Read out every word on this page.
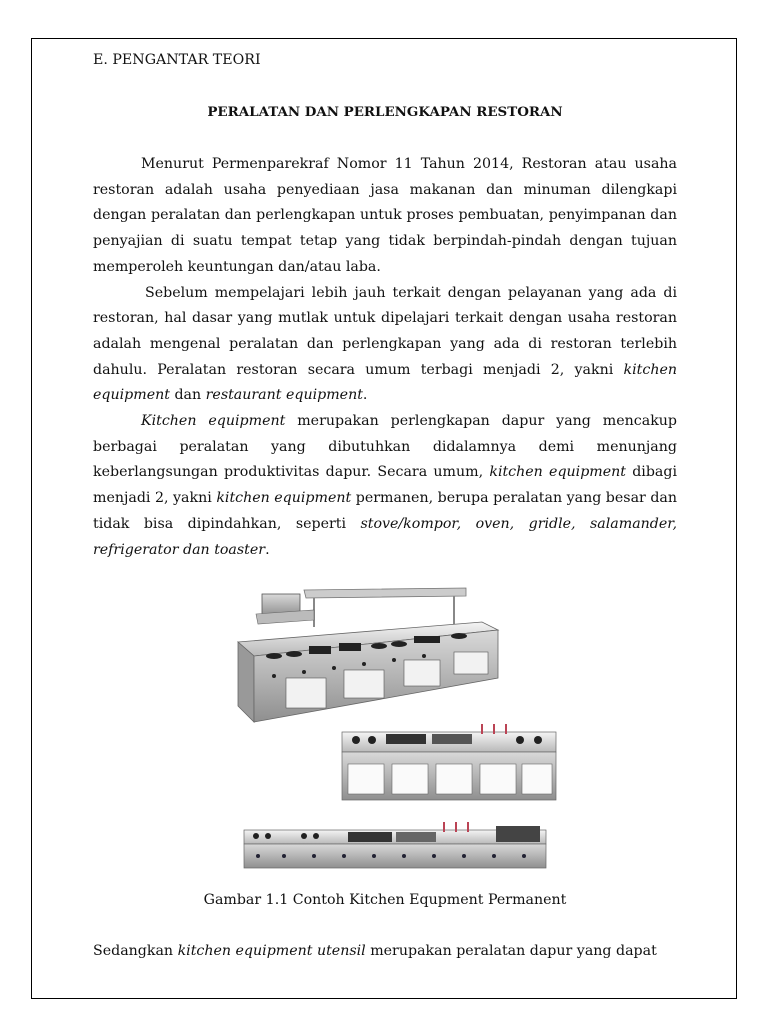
E. PENGANTAR TEORI

PERALATAN DAN PERLENGKAPAN RESTORAN

Menurut Permenparekraf Nomor 11 Tahun 2014, Restoran atau usaha restoran adalah usaha penyediaan jasa makanan dan minuman dilengkapi dengan peralatan dan perlengkapan untuk proses pembuatan, penyimpanan dan penyajian di suatu tempat tetap yang tidak berpindah-pindah dengan tujuan memperoleh keuntungan dan/atau laba.

Sebelum mempelajari lebih jauh terkait dengan pelayanan yang ada di restoran, hal dasar yang mutlak untuk dipelajari terkait dengan usaha restoran adalah mengenal peralatan dan perlengkapan yang ada di restoran terlebih dahulu. Peralatan restoran secara umum terbagi menjadi 2, yakni kitchen equipment dan restaurant equipment.

Kitchen equipment merupakan perlengkapan dapur yang mencakup berbagai peralatan yang dibutuhkan didalamnya demi menunjang keberlangsungan produktivitas dapur. Secara umum, kitchen equipment dibagi menjadi 2, yakni kitchen equipment permanen, berupa peralatan yang besar dan tidak bisa dipindahkan, seperti stove/kompor, oven, gridle, salamander, refrigerator dan toaster.

Gambar 1.1 Contoh Kitchen Equpment Permanent

Sedangkan kitchen equipment utensil merupakan peralatan dapur yang dapat
